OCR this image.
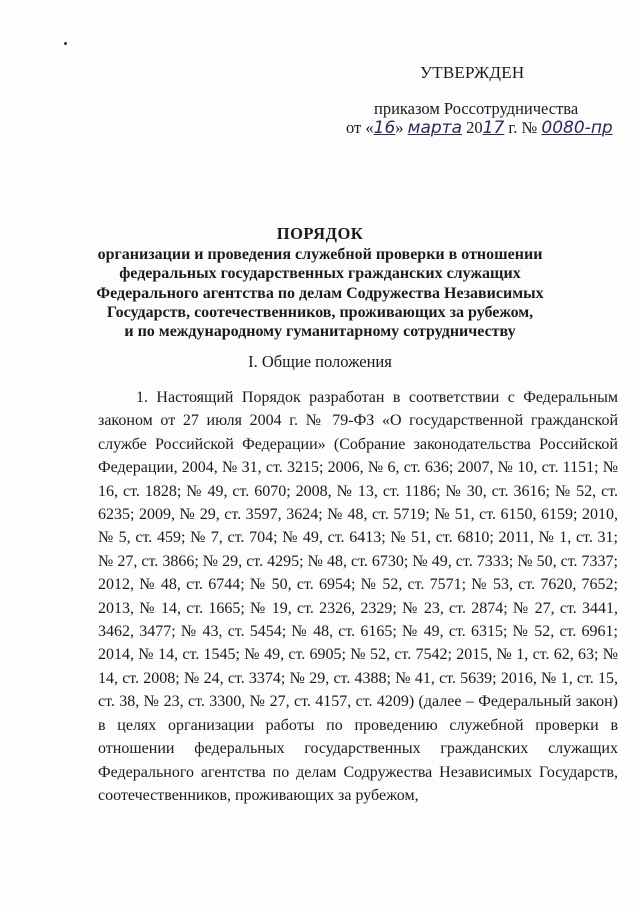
УТВЕРЖДЕН
приказом Россотрудничества
от «16» марта 2017 г. № 0080-пр
ПОРЯДОК
организации и проведения служебной проверки в отношении
федеральных государственных гражданских служащих
Федерального агентства по делам Содружества Независимых
Государств, соотечественников, проживающих за рубежом,
и по международному гуманитарному сотрудничеству
I. Общие положения

1. Настоящий Порядок разработан в соответствии с Федеральным законом от 27 июля 2004 г. № 79-ФЗ «О государственной гражданской службе Российской Федерации» (Собрание законодательства Российской Федерации, 2004, № 31, ст. 3215; 2006, № 6, ст. 636; 2007, № 10, ст. 1151; № 16, ст. 1828; № 49, ст. 6070; 2008, № 13, ст. 1186; № 30, ст. 3616; № 52, ст. 6235; 2009, № 29, ст. 3597, 3624; № 48, ст. 5719; № 51, ст. 6150, 6159; 2010, № 5, ст. 459; № 7, ст. 704; № 49, ст. 6413; № 51, ст. 6810; 2011, № 1, ст. 31; № 27, ст. 3866; № 29, ст. 4295; № 48, ст. 6730; № 49, ст. 7333; № 50, ст. 7337; 2012, № 48, ст. 6744; № 50, ст. 6954; № 52, ст. 7571; № 53, ст. 7620, 7652; 2013, № 14, ст. 1665; № 19, ст. 2326, 2329; № 23, ст. 2874; № 27, ст. 3441, 3462, 3477; № 43, ст. 5454; № 48, ст. 6165; № 49, ст. 6315; № 52, ст. 6961; 2014, № 14, ст. 1545; № 49, ст. 6905; № 52, ст. 7542; 2015, № 1, ст. 62, 63; № 14, ст. 2008; № 24, ст. 3374; № 29, ст. 4388; № 41, ст. 5639; 2016, № 1, ст. 15, ст. 38, № 23, ст. 3300, № 27, ст. 4157, ст. 4209) (далее – Федеральный закон) в целях организации работы по проведению служебной проверки в отношении федеральных государственных гражданских служащих Федерального агентства по делам Содружества Независимых Государств, соотечественников, проживающих за рубежом,
